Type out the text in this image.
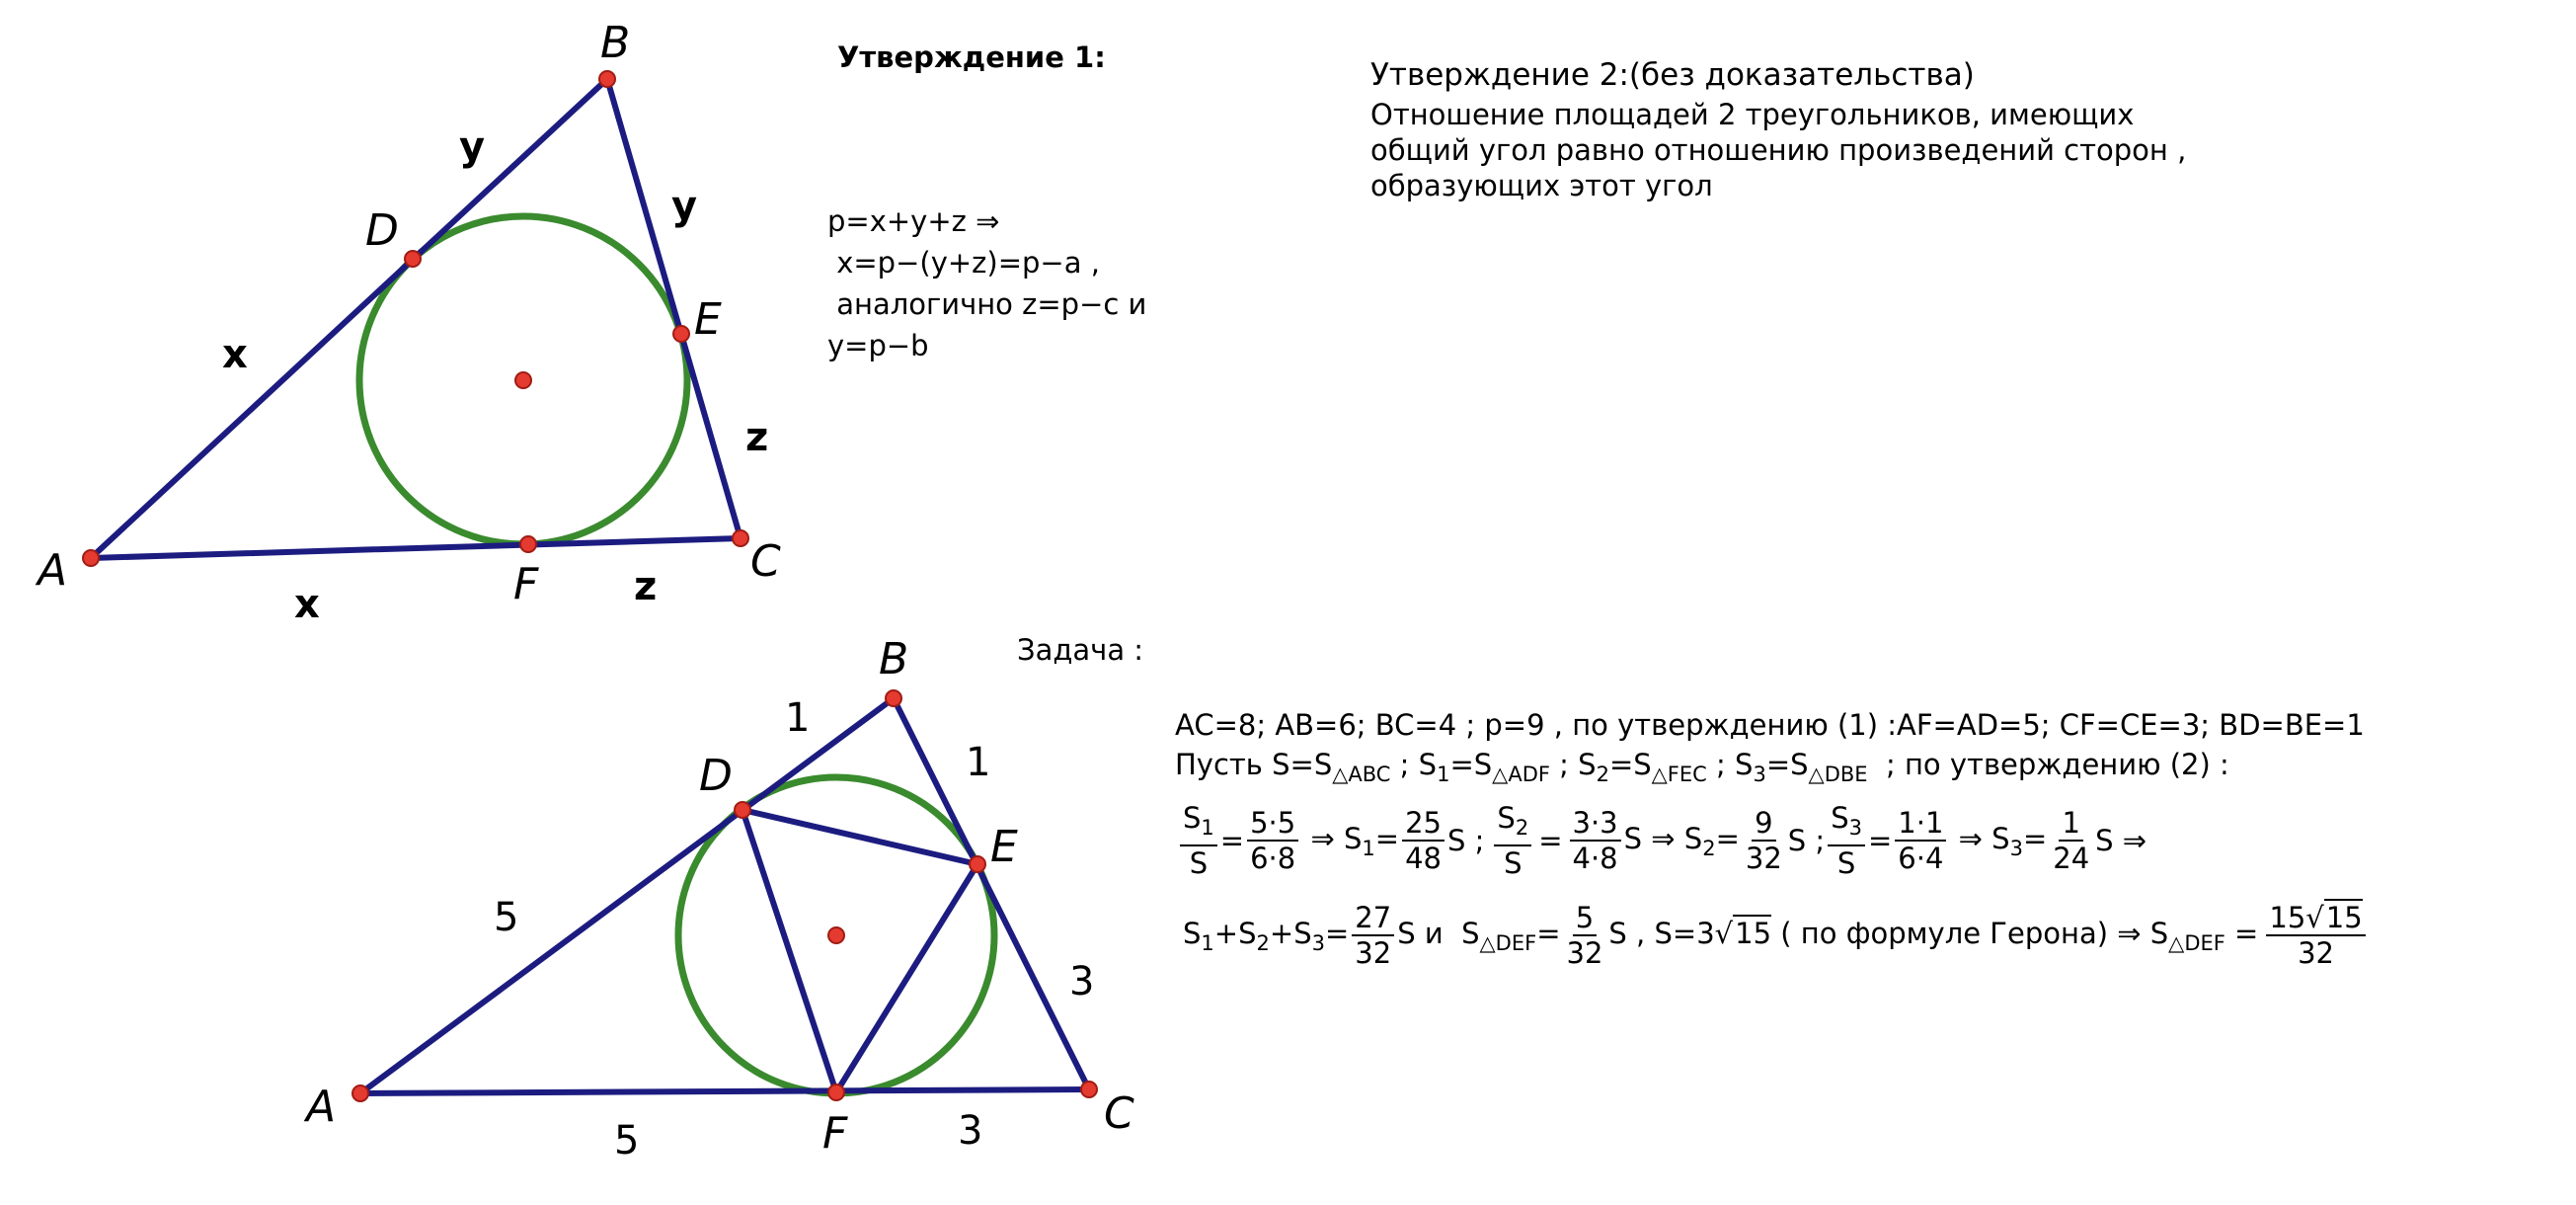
A
B
C
D
E
F
x
y
y
z
x	z
A
B
C
D
E
F
5
1
1
3
5	3
Утверждение 1:
p=x+y+z ⇒
x=p−(y+z)=p−a ,
аналогично z=p−c и
y=p−b
Утверждение 2:(без доказательства)
Отношение площадей 2 треугольников, имеющих
общий угол равно отношению произведений сторон ,
образующих этот угол
Задача :
AC=8; AB=6; BC=4 ; p=9 , по утверждению (1) :AF=AD=5; CF=CE=3; BD=BE=1
Пусть $S=S_{\triangle ABC}$ ; $S_1=S_{\triangle ADF}$ ; $S_2=S_{\triangle FEC}$ ; $S_3=S_{\triangle DBE}$  ; по утверждению (2) :
$\frac{S_1}{S} = \frac{5\cdot 5}{6\cdot 8}$ ⇒ $S_1= \frac{25}{48}$ S ; $\frac{S_2}{S} = \frac{3\cdot 3}{4\cdot 8}$ S ⇒ $S_2= \frac{9}{32}$ S ; $\frac{S_3}{S} = \frac{1\cdot 1}{6\cdot 4}$ ⇒ $S_3= \frac{1}{24}$ S ⇒
$S_1+S_2+S_3= \frac{27}{32}$ S и  $S_{\triangle DEF}= \frac{5}{32}$ S , S=3√15 ( по формуле Герона) ⇒ $S_{\triangle DEF} = \frac{15√15}{32}$
